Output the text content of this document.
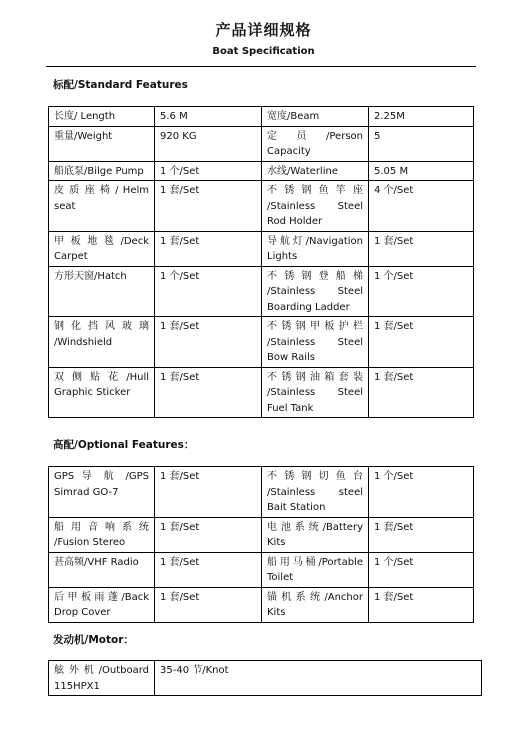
产品详细规格
Boat Specification
标配/Standard Features
长度/ Length	5.6 M	宽度/Beam	2.25M
重量/Weight	920 KG	定 员 /Person Capacity	5
船底泵/Bilge Pump	1 个/Set	水线/Waterline	5.05 M
皮 质 座 椅 / Helm seat	1 套/Set	不 锈 钢 鱼 竿 座 /Stainless Steel Rod Holder	4 个/Set
甲 板 地 毯 /Deck Carpet	1 套/Set	导航灯/Navigation Lights	1 套/Set
方形天窗/Hatch	1 个/Set	不 锈 钢 登 船 梯 /Stainless Steel Boarding Ladder	1 个/Set
钢 化 挡 风 玻 璃 /Windshield	1 套/Set	不锈钢甲板护栏 /Stainless Steel Bow Rails	1 套/Set
双 侧 贴 花 /Hull Graphic Sticker	1 套/Set	不锈钢油箱套装 /Stainless Steel Fuel Tank	1 套/Set
高配/Optional Features：
GPS 导 航 /GPS Simrad GO-7	1 套/Set	不 锈 钢 切 鱼 台 /Stainless steel Bait Station	1 个/Set
船 用 音 响 系 统 /Fusion Stereo	1 套/Set	电池系统/Battery Kits	1 套/Set
甚高频/VHF Radio	1 套/Set	船用马桶/Portable Toilet	1 个/Set
后 甲 板 雨 蓬 /Back Drop Cover	1 套/Set	锚机系统/Anchor Kits	1 套/Set
发动机/Motor：
舷 外 机 /Outboard 115HPX1	35-40 节/Knot
